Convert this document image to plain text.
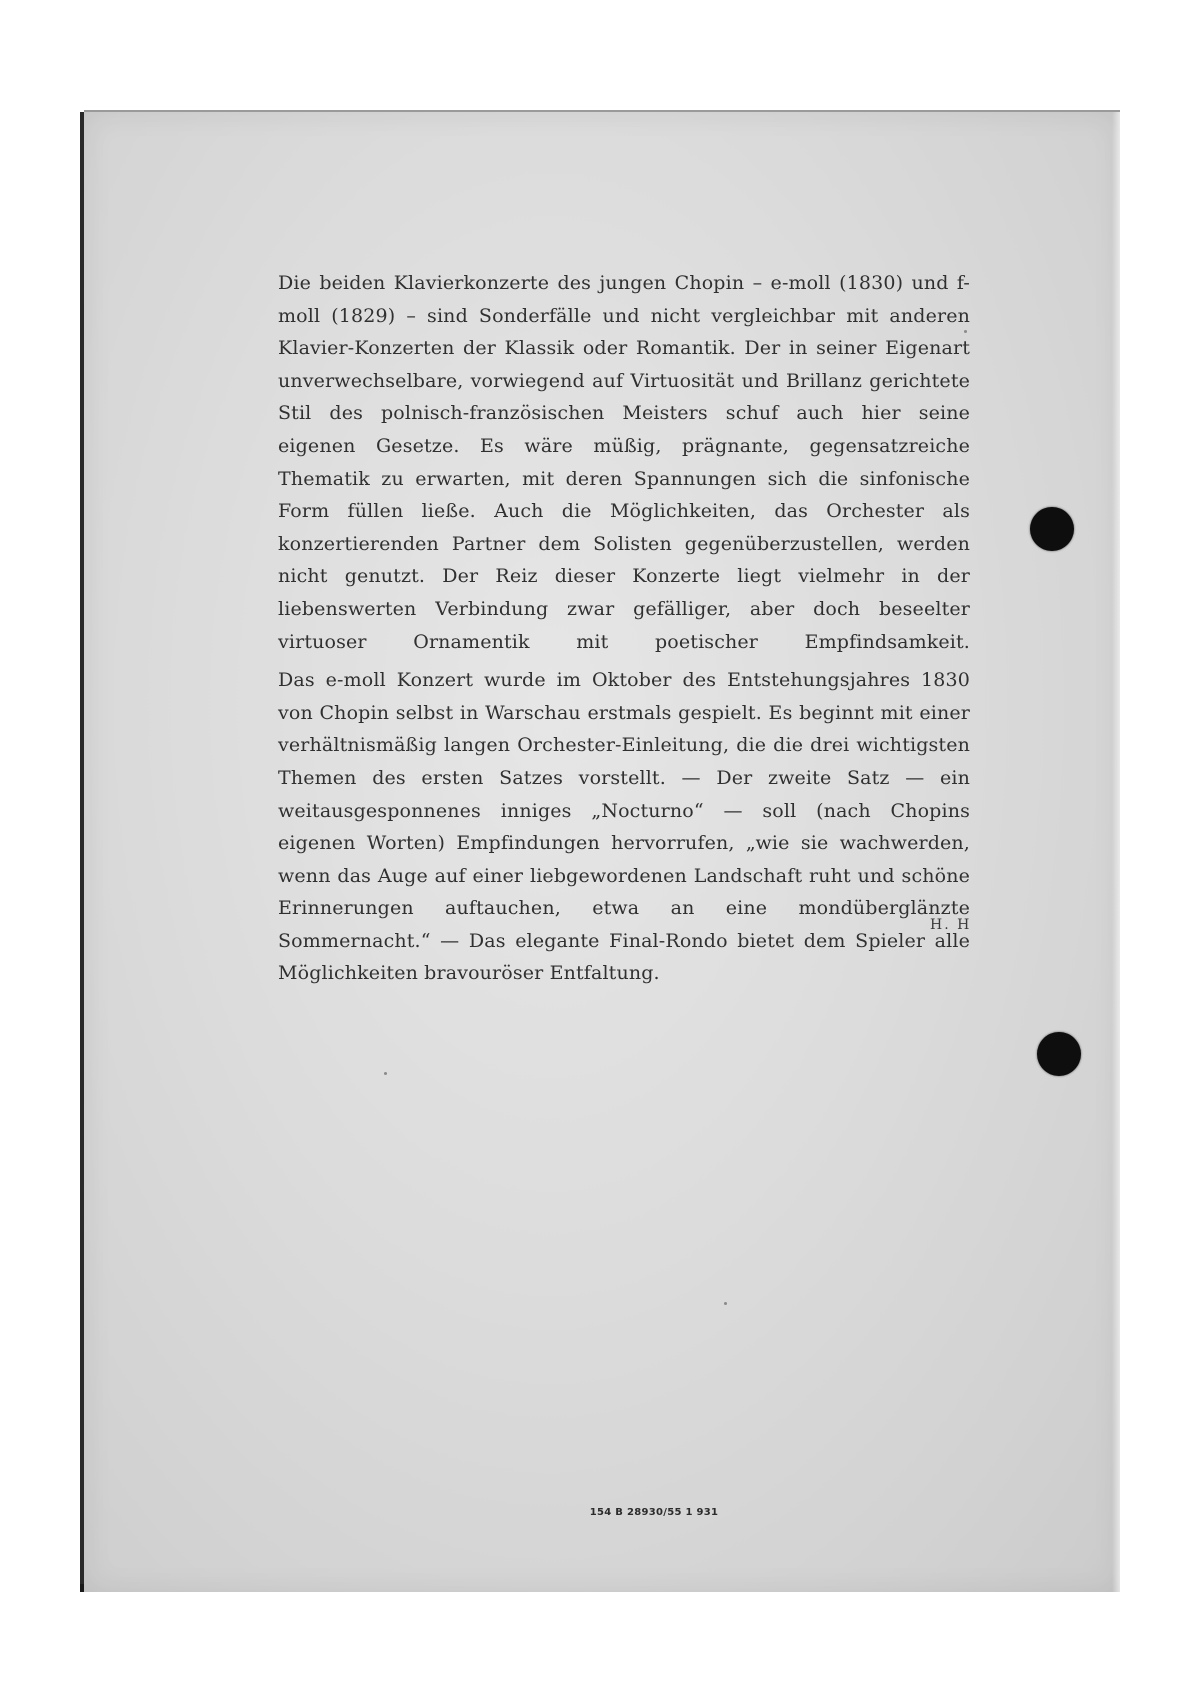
Die beiden Klavierkonzerte des jungen Chopin – e-moll (1830) und f-moll (1829) – sind Sonderfälle und nicht vergleichbar mit anderen Klavier-Konzerten der Klassik oder Romantik. Der in seiner Eigenart unverwechselbare, vorwiegend auf Virtuosität und Brillanz gerichtete Stil des polnisch-französischen Meisters schuf auch hier seine eigenen Gesetze. Es wäre müßig, prägnante, gegensatzreiche Thematik zu erwarten, mit deren Spannungen sich die sinfonische Form füllen ließe. Auch die Möglichkeiten, das Orchester als konzertierenden Partner dem Solisten gegenüberzustellen, werden nicht genutzt. Der Reiz dieser Konzerte liegt vielmehr in der liebenswerten Verbindung zwar gefälliger, aber doch beseelter virtuoser Ornamentik mit poetischer Empfindsamkeit.

Das e-moll Konzert wurde im Oktober des Entstehungsjahres 1830 von Chopin selbst in Warschau erstmals gespielt. Es beginnt mit einer verhältnismäßig langen Orchester-Einleitung, die die drei wichtigsten Themen des ersten Satzes vorstellt. — Der zweite Satz — ein weitausgesponnenes inniges „Nocturno“ — soll (nach Chopins eigenen Worten) Empfindungen hervorrufen, „wie sie wachwerden, wenn das Auge auf einer liebgewordenen Landschaft ruht und schöne Erinnerungen auftauchen, etwa an eine mondüberglänzte Sommernacht.“ — Das elegante Final-Rondo bietet dem Spieler alle Möglichkeiten bravouröser Entfaltung.

H. H
154 B 28930/55 1 931
